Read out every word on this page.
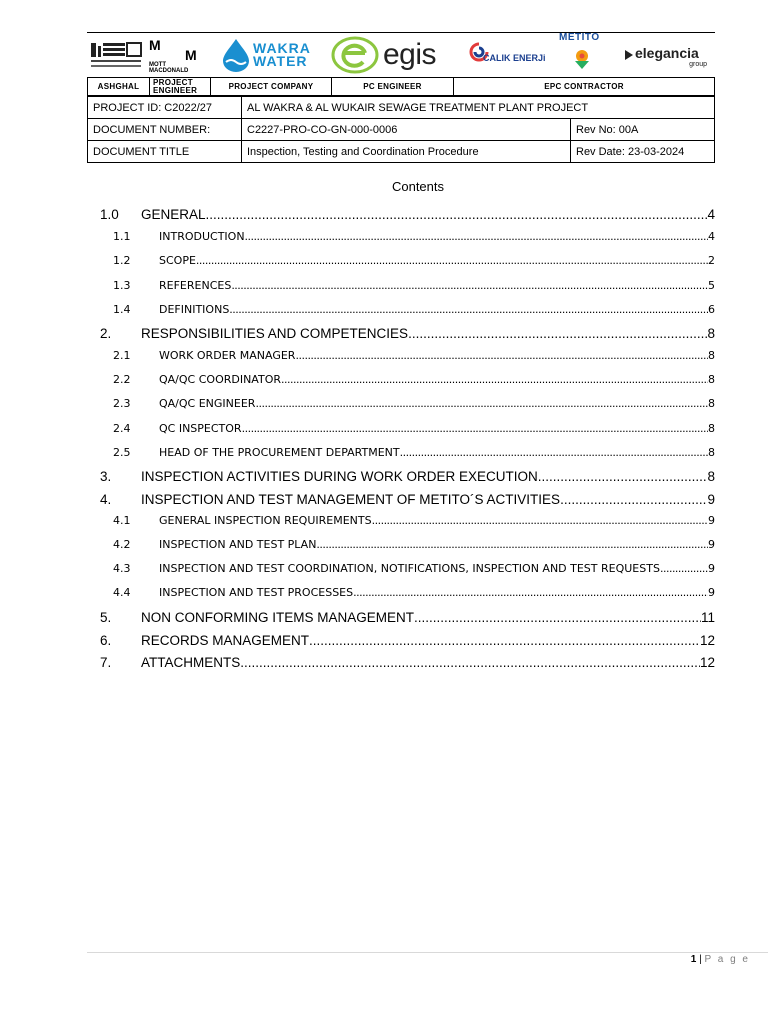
M
M
MOTT MACDONALD
WAKRA
WATER	egis	CALIK ENERJi
METITO
elegancia
group
ASHGHAL	PROJECT ENGINEER	PROJECT COMPANY	PC ENGINEER	EPC CONTRACTOR
PROJECT ID: C2022/27	AL WAKRA & AL WUKAIR SEWAGE TREATMENT PLANT PROJECT	
DOCUMENT NUMBER:	C2227-PRO-CO-GN-000-0006	Rev No: 00A
DOCUMENT TITLE	Inspection, Testing and Coordination Procedure	Rev Date: 23-03-2024
Contents
1.0	GENERAL .....	4
1.1	INTRODUCTION .....	4
1.2	SCOPE .....	2
1.3	REFERENCES .....	5
1.4	DEFINITIONS .....	6
2.	RESPONSIBILITIES AND COMPETENCIES .....	8
2.1	WORK ORDER MANAGER .....	8
2.2	QA/QC COORDINATOR .....	8
2.3	QA/QC ENGINEER .....	8
2.4	QC INSPECTOR .....	8
2.5	HEAD OF THE PROCUREMENT DEPARTMENT .....	8
3.	INSPECTION ACTIVITIES DURING WORK ORDER EXECUTION .....	8
4.	INSPECTION AND TEST MANAGEMENT OF METITO´S ACTIVITIES .....	9
4.1	GENERAL INSPECTION REQUIREMENTS .....	9
4.2	INSPECTION AND TEST PLAN .....	9
4.3	INSPECTION AND TEST COORDINATION, NOTIFICATIONS, INSPECTION AND TEST REQUESTS .....	9
4.4	INSPECTION AND TEST PROCESSES .....	9
5.	NON CONFORMING ITEMS MANAGEMENT .....	11
6.	RECORDS MANAGEMENT .....	12
7.	ATTACHMENTS .....	12
1 | P a g e
